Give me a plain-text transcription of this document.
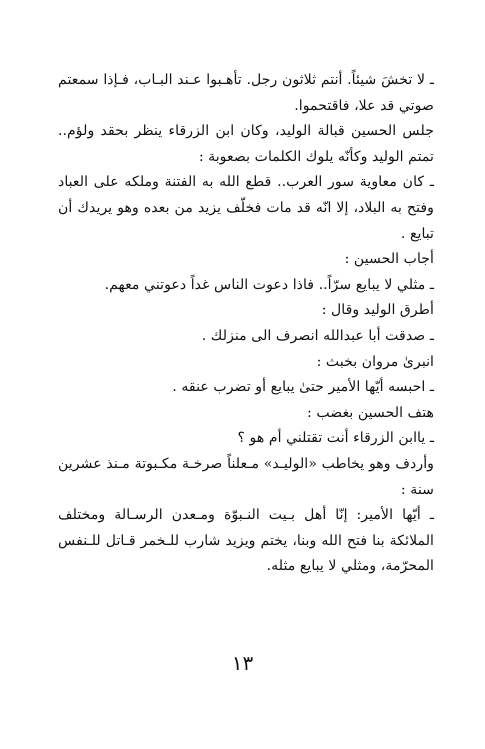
ـ لا تخشَ شيئاً. أنتم ثلاثون رجل. تأهـبوا عـند البـاب، فـإذا سمعتم صوتي قد علا، فاقتحموا.

جلس الحسين قبالة الوليد، وكان ابن الزرقاء ينظر بحقد ولؤم.. تمتم الوليد وكأنّه يلوك الكلمات بصعوبة :

ـ كان معاوية سور العرب.. قطع الله به الفتنة وملكه على العباد وفتح به البلاد، إلا انّه قد مات فخلّف يزيد من بعده وهو يريدك أن تبايع .

أجاب الحسين :

ـ مثلي لا يبايع سرّاً.. فاذا دعوت الناس غداً دعوتني معهم.

أطرق الوليد وقال :

ـ صدقت أبا عبدالله انصرف الى منزلك .

انبرىٰ مروان بخبث :

ـ احبسه أيّها الأمير حتىٰ يبايع أو تضرب عنقه .

هتف الحسين بغضب :

ـ ياابن الزرقاء أنت تقتلني أم هو ؟

وأردف وهو يخاطب «الوليـد» مـعلناً صرخـة مكـبوتة مـنذ عشرين سنة :

ـ أيّها الأمير: إنّا أهل بـيت النـبوّة ومـعدن الرسـالة ومختلف الملائكة بنا فتح الله وبنا، يختم ويزيد شارب للـخمر قـاتل للـنفس المحرّمة، ومثلي لا يبايع مثله.

١٣
